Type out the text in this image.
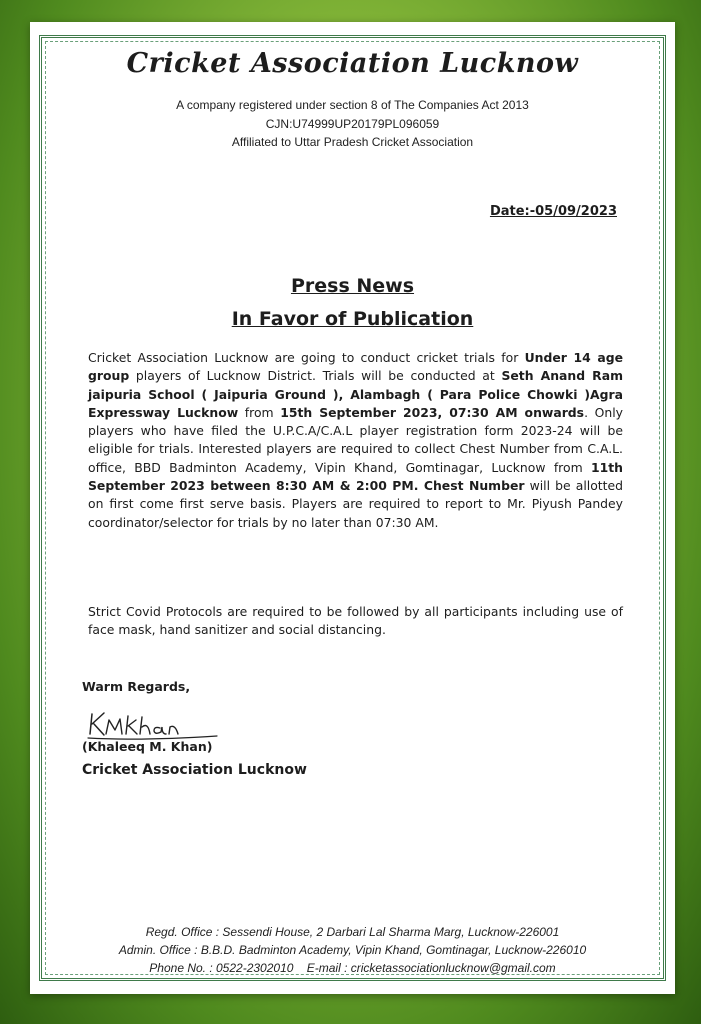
Cricket Association Lucknow
A company registered under section 8 of The Companies Act 2013
CJN:U74999UP20179PL096059
Affiliated to Uttar Pradesh Cricket Association
Date:-05/09/2023
Press News
In Favor of Publication
Cricket Association Lucknow are going to conduct cricket trials for Under 14 age group players of Lucknow District. Trials will be conducted at Seth Anand Ram jaipuria School ( Jaipuria Ground ), Alambagh ( Para Police Chowki )Agra Expressway Lucknow from 15th September 2023, 07:30 AM onwards. Only players who have filed the U.P.C.A/C.A.L player registration form 2023-24 will be eligible for trials. Interested players are required to collect Chest Number from C.A.L. office, BBD Badminton Academy, Vipin Khand, Gomtinagar, Lucknow from 11th September 2023 between 8:30 AM & 2:00 PM. Chest Number will be allotted on first come first serve basis. Players are required to report to Mr. Piyush Pandey coordinator/selector for trials by no later than 07:30 AM.
Strict Covid Protocols are required to be followed by all participants including use of face mask, hand sanitizer and social distancing.
Warm Regards,
(Khaleeq M. Khan)
Cricket Association Lucknow
Regd. Office : Sessendi House, 2 Darbari Lal Sharma Marg, Lucknow-226001
Admin. Office : B.B.D. Badminton Academy, Vipin Khand, Gomtinagar, Lucknow-226010
Phone No. : 0522-2302010    E-mail : cricketassociationlucknow@gmail.com
